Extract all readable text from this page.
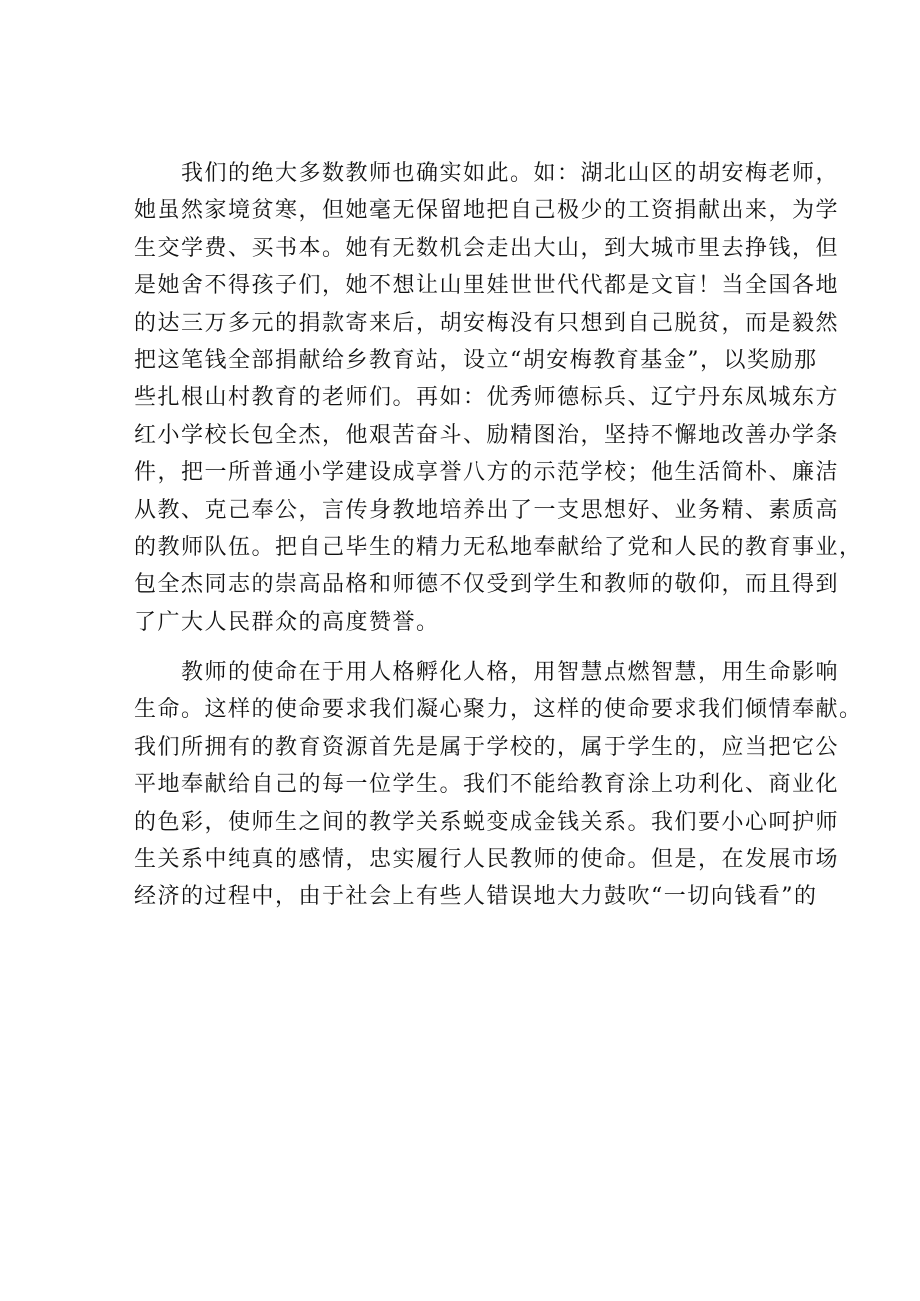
我们的绝大多数教师也确实如此。如：湖北山区的胡安梅老师，
她虽然家境贫寒，但她毫无保留地把自己极少的工资捐献出来，为学
生交学费、买书本。她有无数机会走出大山，到大城市里去挣钱，但
是她舍不得孩子们，她不想让山里娃世世代代都是文盲！当全国各地
的达三万多元的捐款寄来后，胡安梅没有只想到自己脱贫，而是毅然
把这笔钱全部捐献给乡教育站，设立“胡安梅教育基金”，以奖励那
些扎根山村教育的老师们。再如：优秀师德标兵、辽宁丹东凤城东方
红小学校长包全杰，他艰苦奋斗、励精图治，坚持不懈地改善办学条
件，把一所普通小学建设成享誉八方的示范学校；他生活简朴、廉洁
从教、克己奉公，言传身教地培养出了一支思想好、业务精、素质高
的教师队伍。把自己毕生的精力无私地奉献给了党和人民的教育事业，
包全杰同志的崇高品格和师德不仅受到学生和教师的敬仰，而且得到
了广大人民群众的高度赞誉。
教师的使命在于用人格孵化人格，用智慧点燃智慧，用生命影响
生命。这样的使命要求我们凝心聚力，这样的使命要求我们倾情奉献。
我们所拥有的教育资源首先是属于学校的，属于学生的，应当把它公
平地奉献给自己的每一位学生。我们不能给教育涂上功利化、商业化
的色彩，使师生之间的教学关系蜕变成金钱关系。我们要小心呵护师
生关系中纯真的感情，忠实履行人民教师的使命。但是，在发展市场
经济的过程中，由于社会上有些人错误地大力鼓吹“一切向钱看”的
